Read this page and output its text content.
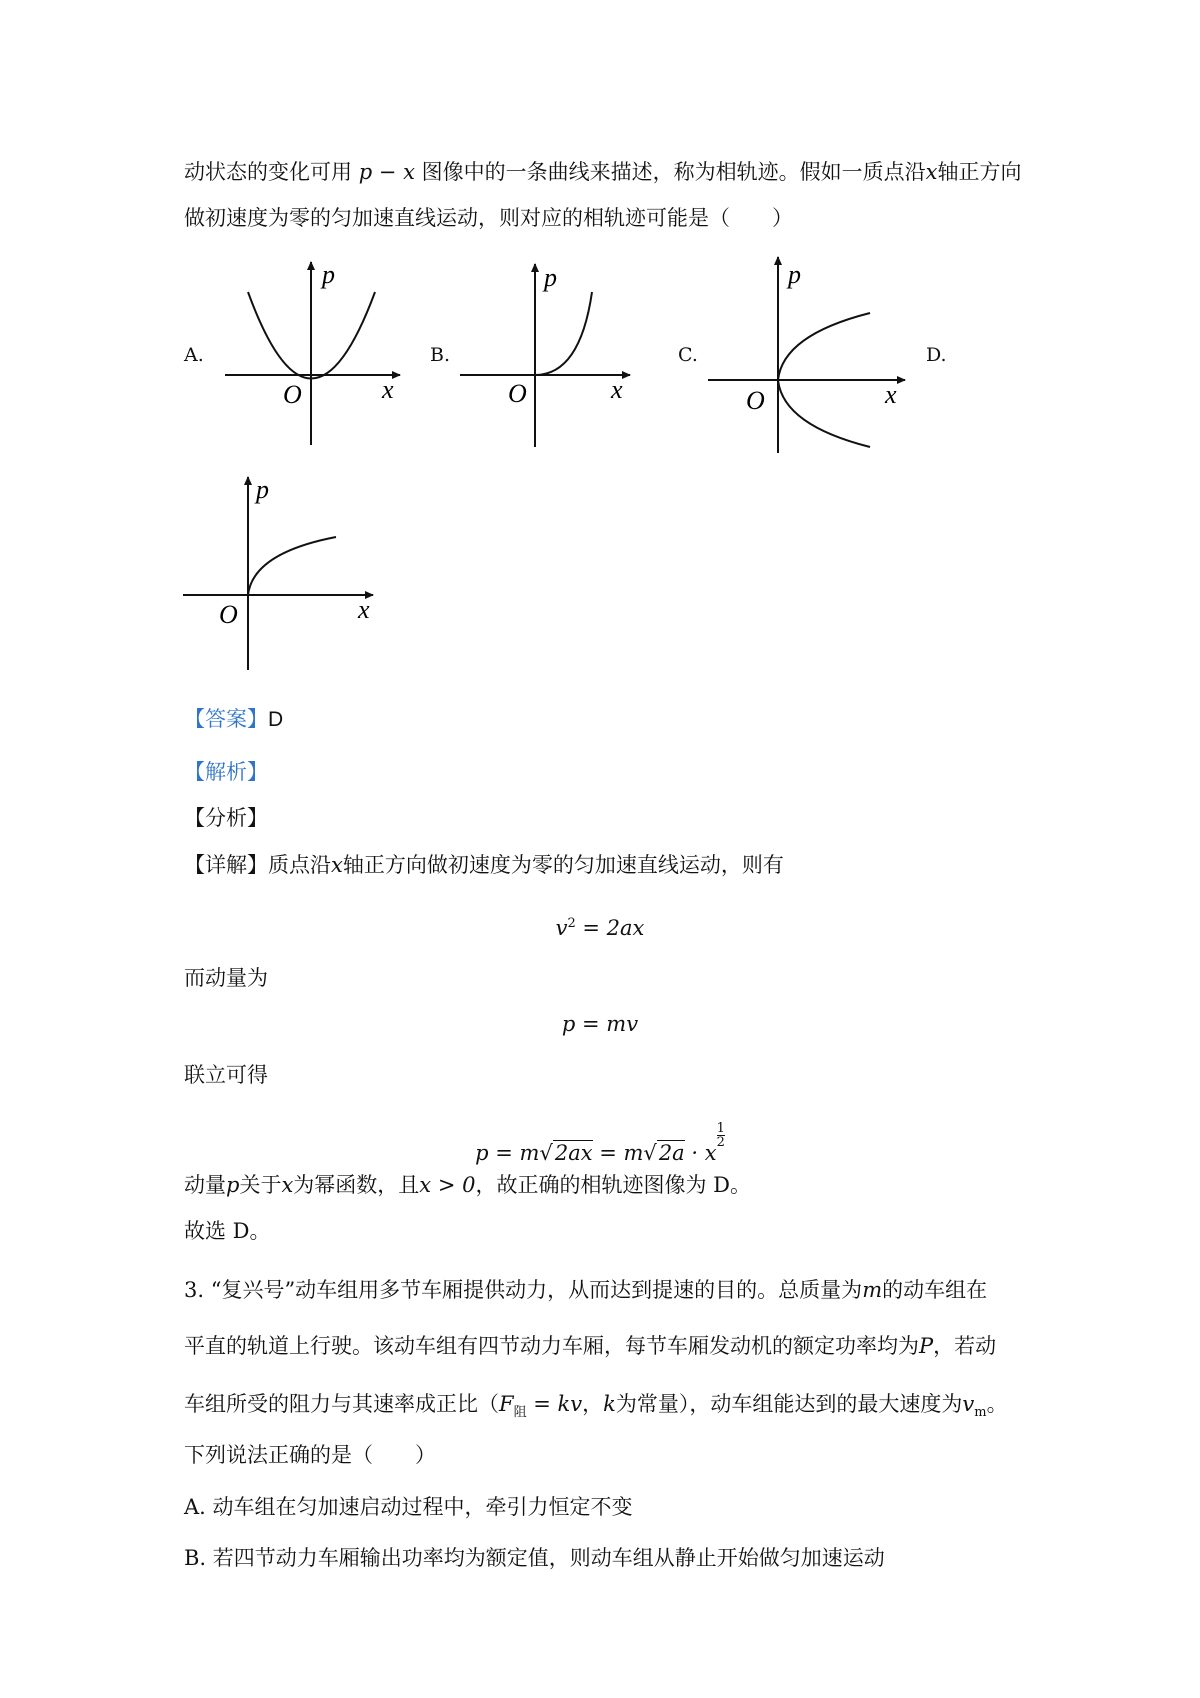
动状态的变化可用 p − x 图像中的一条曲线来描述，称为相轨迹。假如一质点沿x轴正方向
做初速度为零的匀加速直线运动，则对应的相轨迹可能是（　　）
A.	B.	C.	D.
p
x
O
p
x
O
p
x
O
p
x
O
【答案】D
【解析】
【分析】
【详解】质点沿x轴正方向做初速度为零的匀加速直线运动，则有
$v^2 = 2ax$
而动量为
p = mv
联立可得
p = m√2ax = m√2a · x
$\frac{1}{2}$
动量p关于x为幂函数，且x > 0，故正确的相轨迹图像为 D。
故选 D。
3. “复兴号”动车组用多节车厢提供动力，从而达到提速的目的。总质量为m的动车组在
平直的轨道上行驶。该动车组有四节动力车厢，每节车厢发动机的额定功率均为P，若动
车组所受的阻力与其速率成正比（$F_阻$ = kv，k为常量），动车组能达到的最大速度为$v_m$。
下列说法正确的是（　　）
A. 动车组在匀加速启动过程中，牵引力恒定不变
B. 若四节动力车厢输出功率均为额定值，则动车组从静止开始做匀加速运动
